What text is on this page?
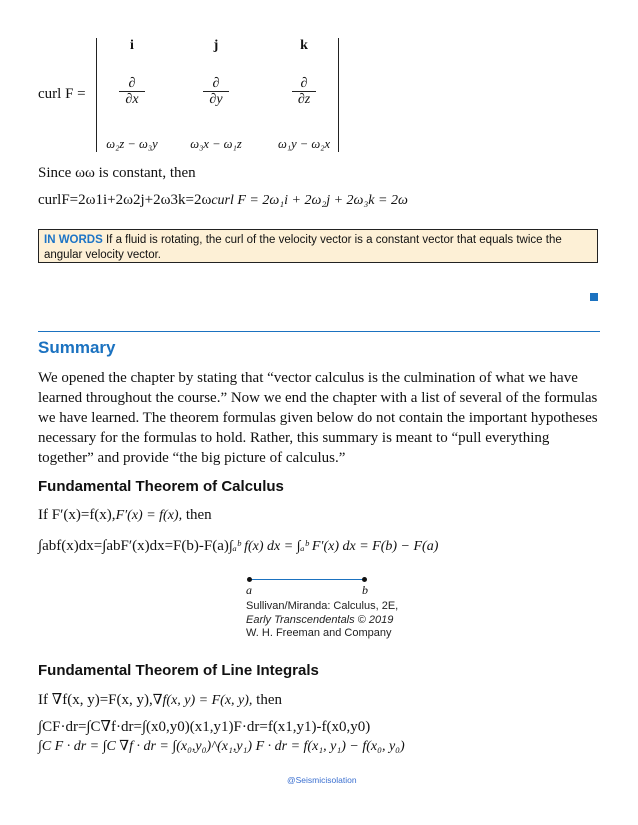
curl F =
i	j	k
$\frac{\partial}{\partial x}$	$\frac{\partial}{\partial y}$	$\frac{\partial}{\partial z}$
ω₂z − ω₃y	ω₃x − ω₁z	ω₁y − ω₂x
Since ωω is constant, then
curlF=2ω1i+2ω2j+2ω3k=2ωcurl F = 2ω₁i + 2ω₂j + 2ω₃k = 2ω
IN WORDS If a fluid is rotating, the curl of the velocity vector is a constant vector that equals twice the angular velocity vector.
Summary
We opened the chapter by stating that “vector calculus is the culmination of what we have learned throughout the course.” Now we end the chapter with a list of several of the formulas we have learned. The theorem formulas given below do not contain the important hypotheses necessary for the formulas to hold. Rather, this summary is meant to “pull everything together” and provide “the big picture of calculus.”
Fundamental Theorem of Calculus
If F′(x)=f(x),F′(x) = f(x), then
∫abf(x)dx=∫abF′(x)dx=F(b)-F(a)∫ₐᵇ f(x) dx = ∫ₐᵇ F′(x) dx = F(b) − F(a)
a	b
Sullivan/Miranda: Calculus, 2E,
Early Transcendentals © 2019
W. H. Freeman and Company
Fundamental Theorem of Line Integrals
If ∇f(x, y)=F(x, y),∇f(x, y) = F(x, y), then
∫CF·dr=∫C∇f·dr=∫(x0,y0)(x1,y1)F·dr=f(x1,y1)-f(x0,y0)
∫C F · dr = ∫C ∇f · dr = ∫(x₀,y₀)^(x₁,y₁) F · dr = f(x₁, y₁) − f(x₀, y₀)
@Seismicisolation
